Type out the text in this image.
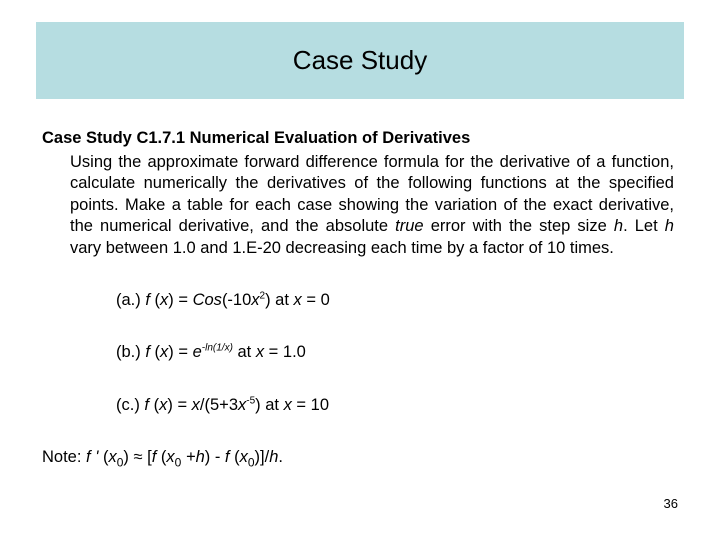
Case Study

Case Study C1.7.1 Numerical Evaluation of Derivatives

Using the approximate forward difference formula for the derivative of a function, calculate numerically the derivatives of the following functions at the specified points. Make a table for each case showing the variation of the exact derivative, the numerical derivative, and the absolute true error with the step size h. Let h vary between 1.0 and 1.E-20 decreasing each time by a factor of 10 times.

(a.) f $(x) = Cos(-10x^2)$ at x = 0
(b.) f $(x) = e^{-ln(1/x)}$ at x = 1.0
(c.) f $(x) = x/(5+3x^{-5})$ at x = 10
Note: f ' $(x_0) \approx [f$ $(x_0 +h) - f$ $(x_0)]/h$.
36
